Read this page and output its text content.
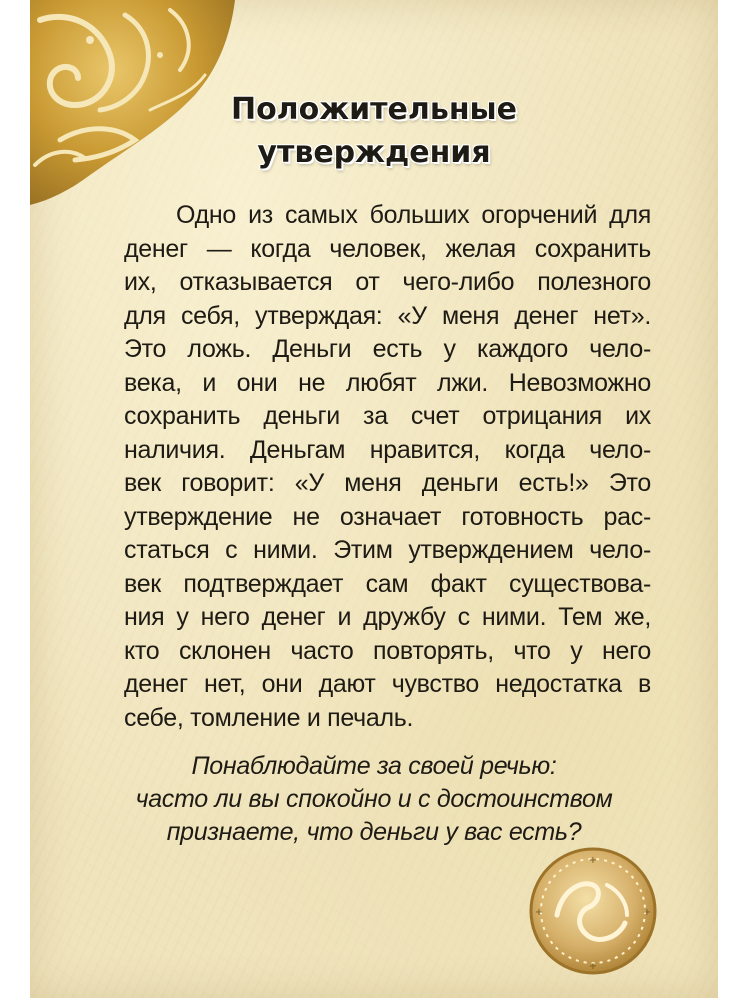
Положительные
утверждения
Одно из самых больших огорчений для
денег — когда человек, желая сохранить
их, отказывается от чего-либо полезного
для себя, утверждая: «У меня денег нет».
Это ложь. Деньги есть у каждого чело-
века, и они не любят лжи. Невозможно
сохранить деньги за счет отрицания их
наличия. Деньгам нравится, когда чело-
век говорит: «У меня деньги есть!» Это
утверждение не означает готовность рас-
статься с ними. Этим утверждением чело-
век подтверждает сам факт существова-
ния у него денег и дружбу с ними. Тем же,
кто склонен часто повторять, что у него
денег нет, они дают чувство недостатка в
себе, томление и печаль.
Понаблюдайте за своей речью:
часто ли вы спокойно и с достоинством
признаете, что деньги у вас есть?
+
+
+	+
